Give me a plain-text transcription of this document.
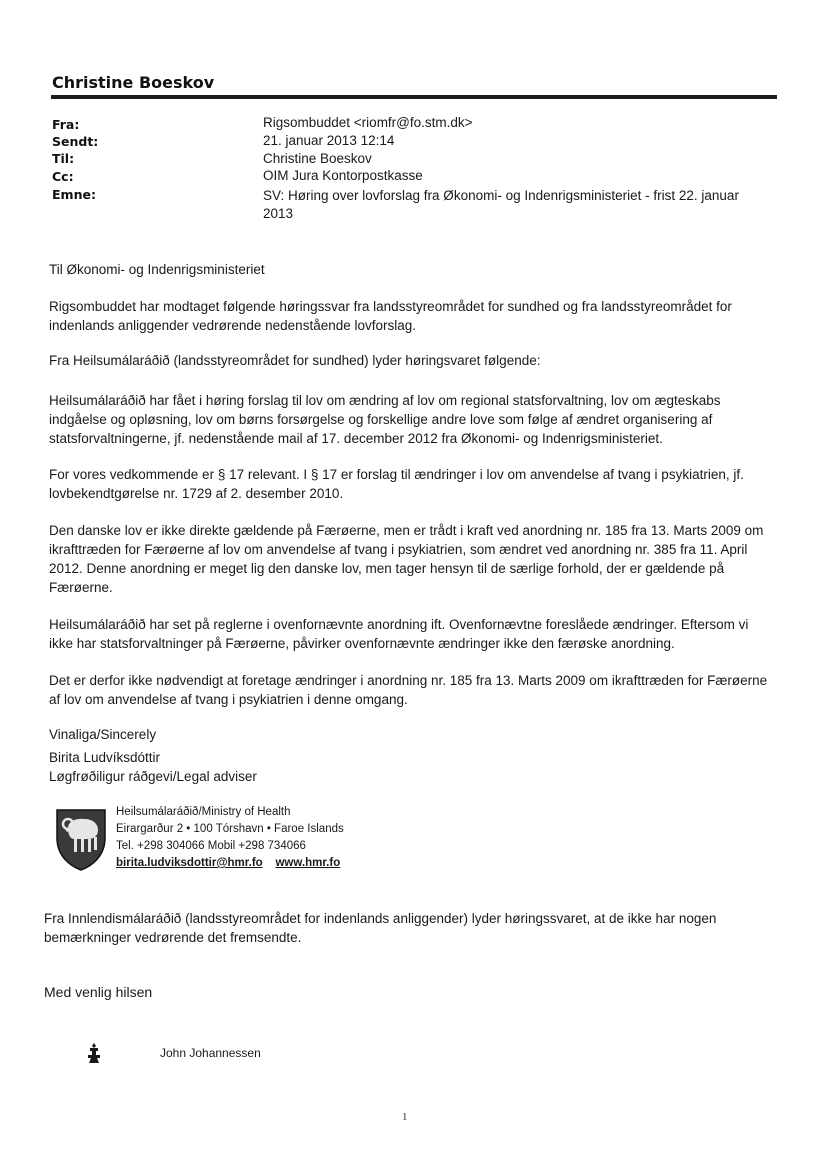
Christine Boeskov
Fra:
Sendt:
Til:
Cc:
Emne:
Rigsombuddet <riomfr@fo.stm.dk>
21. januar 2013 12:14
Christine Boeskov
OIM Jura Kontorpostkasse
SV: Høring over lovforslag fra Økonomi- og Indenrigsministeriet - frist 22. januar 2013
Til Økonomi- og Indenrigsministeriet
Rigsombuddet har modtaget følgende høringssvar fra landsstyreområdet for sundhed og fra landsstyreområdet for indenlands anliggender vedrørende nedenstående lovforslag.
Fra Heilsumálaráðið (landsstyreområdet for sundhed) lyder høringsvaret følgende:
Heilsumálaráðið har fået i høring forslag til lov om ændring af lov om regional statsforvaltning, lov om ægteskabs indgåelse og opløsning, lov om børns forsørgelse og forskellige andre love som følge af ændret organisering af statsforvaltningerne, jf. nedenstående mail af 17. december 2012 fra Økonomi- og Indenrigsministeriet.
For vores vedkommende er § 17 relevant. I § 17 er forslag til ændringer i lov om anvendelse af tvang i psykiatrien, jf. lovbekendtgørelse nr. 1729 af 2. desember 2010.
Den danske lov er ikke direkte gældende på Færøerne, men er trådt i kraft ved anordning nr. 185 fra 13. Marts 2009 om ikrafttræden for Færøerne af lov om anvendelse af tvang i psykiatrien, som ændret ved anordning nr. 385 fra 11. April 2012. Denne anordning er meget lig den danske lov, men tager hensyn til de særlige forhold, der er gældende på Færøerne.
Heilsumálaráðið har set på reglerne i ovenfornævnte anordning ift. Ovenfornævtne foreslåede ændringer. Eftersom vi ikke har statsforvaltninger på Færøerne, påvirker ovenfornævnte ændringer ikke den færøske anordning.
Det er derfor ikke nødvendigt at foretage ændringer i anordning nr. 185 fra 13. Marts 2009 om ikrafttræden for Færøerne af lov om anvendelse af tvang i psykiatrien i denne omgang.
Vinaliga/Sincerely
Birita Ludvíksdóttir
Løgfrøðiligur ráðgevi/Legal adviser
Heilsumálaráðið/Ministry of Health
Eirargarður 2 • 100 Tórshavn • Faroe Islands
Tel. +298 304066 Mobil +298 734066
birita.ludviksdottir@hmr.fo www.hmr.fo
Fra Innlendismálaráðið (landsstyreområdet for indenlands anliggender) lyder høringssvaret, at de ikke har nogen bemærkninger vedrørende det fremsendte.
Med venlig hilsen
John Johannessen
1
